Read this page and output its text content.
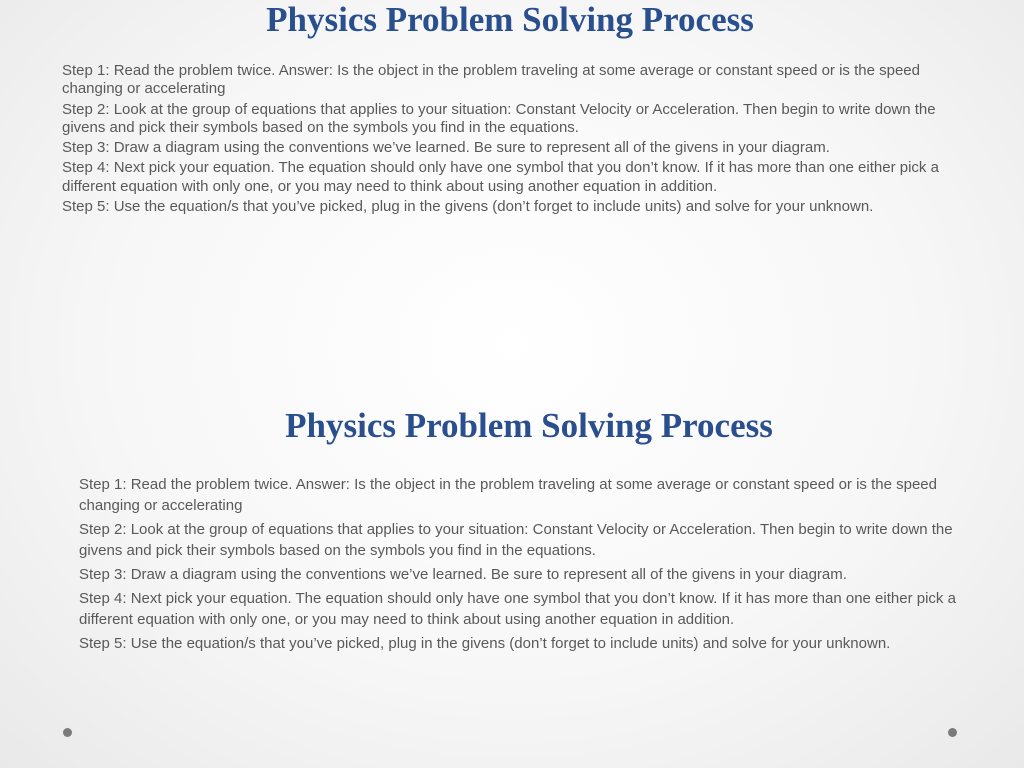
Physics Problem Solving Process
Step 1: Read the problem twice. Answer: Is the object in the problem traveling at some average or constant speed or is the speed changing or accelerating
Step 2: Look at the group of equations that applies to your situation: Constant Velocity or Acceleration. Then begin to write down the givens and pick their symbols based on the symbols you find in the equations.
Step 3: Draw a diagram using the conventions we’ve learned. Be sure to represent all of the givens in your diagram.
Step 4: Next pick your equation. The equation should only have one symbol that you don’t know. If it has more than one either pick a different equation with only one, or you may need to think about using another equation in addition.
Step 5: Use the equation/s that you’ve picked, plug in the givens (don’t forget to include units) and solve for your unknown.
Physics Problem Solving Process
Step 1: Read the problem twice. Answer: Is the object in the problem traveling at some average or constant speed or is the speed changing or accelerating
Step 2: Look at the group of equations that applies to your situation: Constant Velocity or Acceleration. Then begin to write down the givens and pick their symbols based on the symbols you find in the equations.
Step 3: Draw a diagram using the conventions we’ve learned. Be sure to represent all of the givens in your diagram.
Step 4: Next pick your equation. The equation should only have one symbol that you don’t know. If it has more than one either pick a different equation with only one, or you may need to think about using another equation in addition.
Step 5: Use the equation/s that you’ve picked, plug in the givens (don’t forget to include units) and solve for your unknown.
